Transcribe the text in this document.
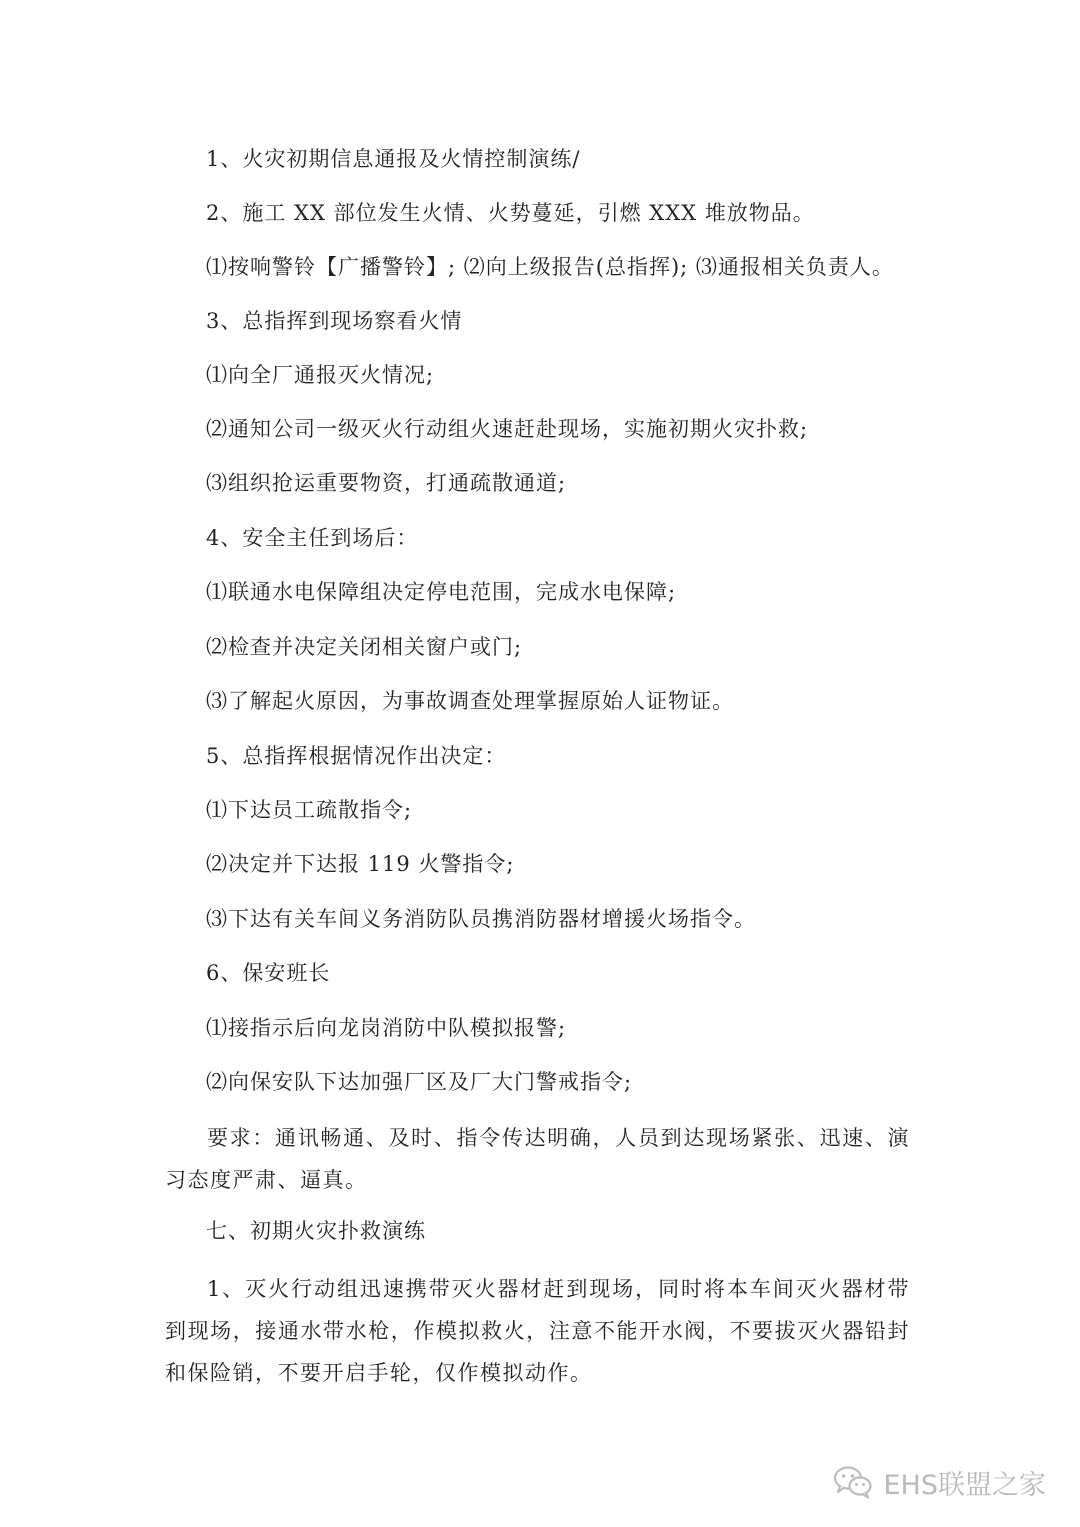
1、火灾初期信息通报及火情控制演练/
2、施工 XX 部位发生火情、火势蔓延，引燃 XXX 堆放物品。
⑴按响警铃【广播警铃】; ⑵向上级报告(总指挥); ⑶通报相关负责人。
3、总指挥到现场察看火情
⑴向全厂通报灭火情况;
⑵通知公司一级灭火行动组火速赶赴现场，实施初期火灾扑救;
⑶组织抢运重要物资，打通疏散通道;
4、安全主任到场后：
⑴联通水电保障组决定停电范围，完成水电保障;
⑵检查并决定关闭相关窗户或门;
⑶了解起火原因，为事故调查处理掌握原始人证物证。
5、总指挥根据情况作出决定：
⑴下达员工疏散指令;
⑵决定并下达报 119 火警指令;
⑶下达有关车间义务消防队员携消防器材增援火场指令。
6、保安班长
⑴接指示后向龙岗消防中队模拟报警;
⑵向保安队下达加强厂区及厂大门警戒指令;
要求：通讯畅通、及时、指令传达明确，人员到达现场紧张、迅速、演习态度严肃、逼真。
七、初期火灾扑救演练
1、灭火行动组迅速携带灭火器材赶到现场，同时将本车间灭火器材带到现场，接通水带水枪，作模拟救火，注意不能开水阀，不要拔灭火器铅封和保险销，不要开启手轮，仅作模拟动作。
EHS联盟之家
